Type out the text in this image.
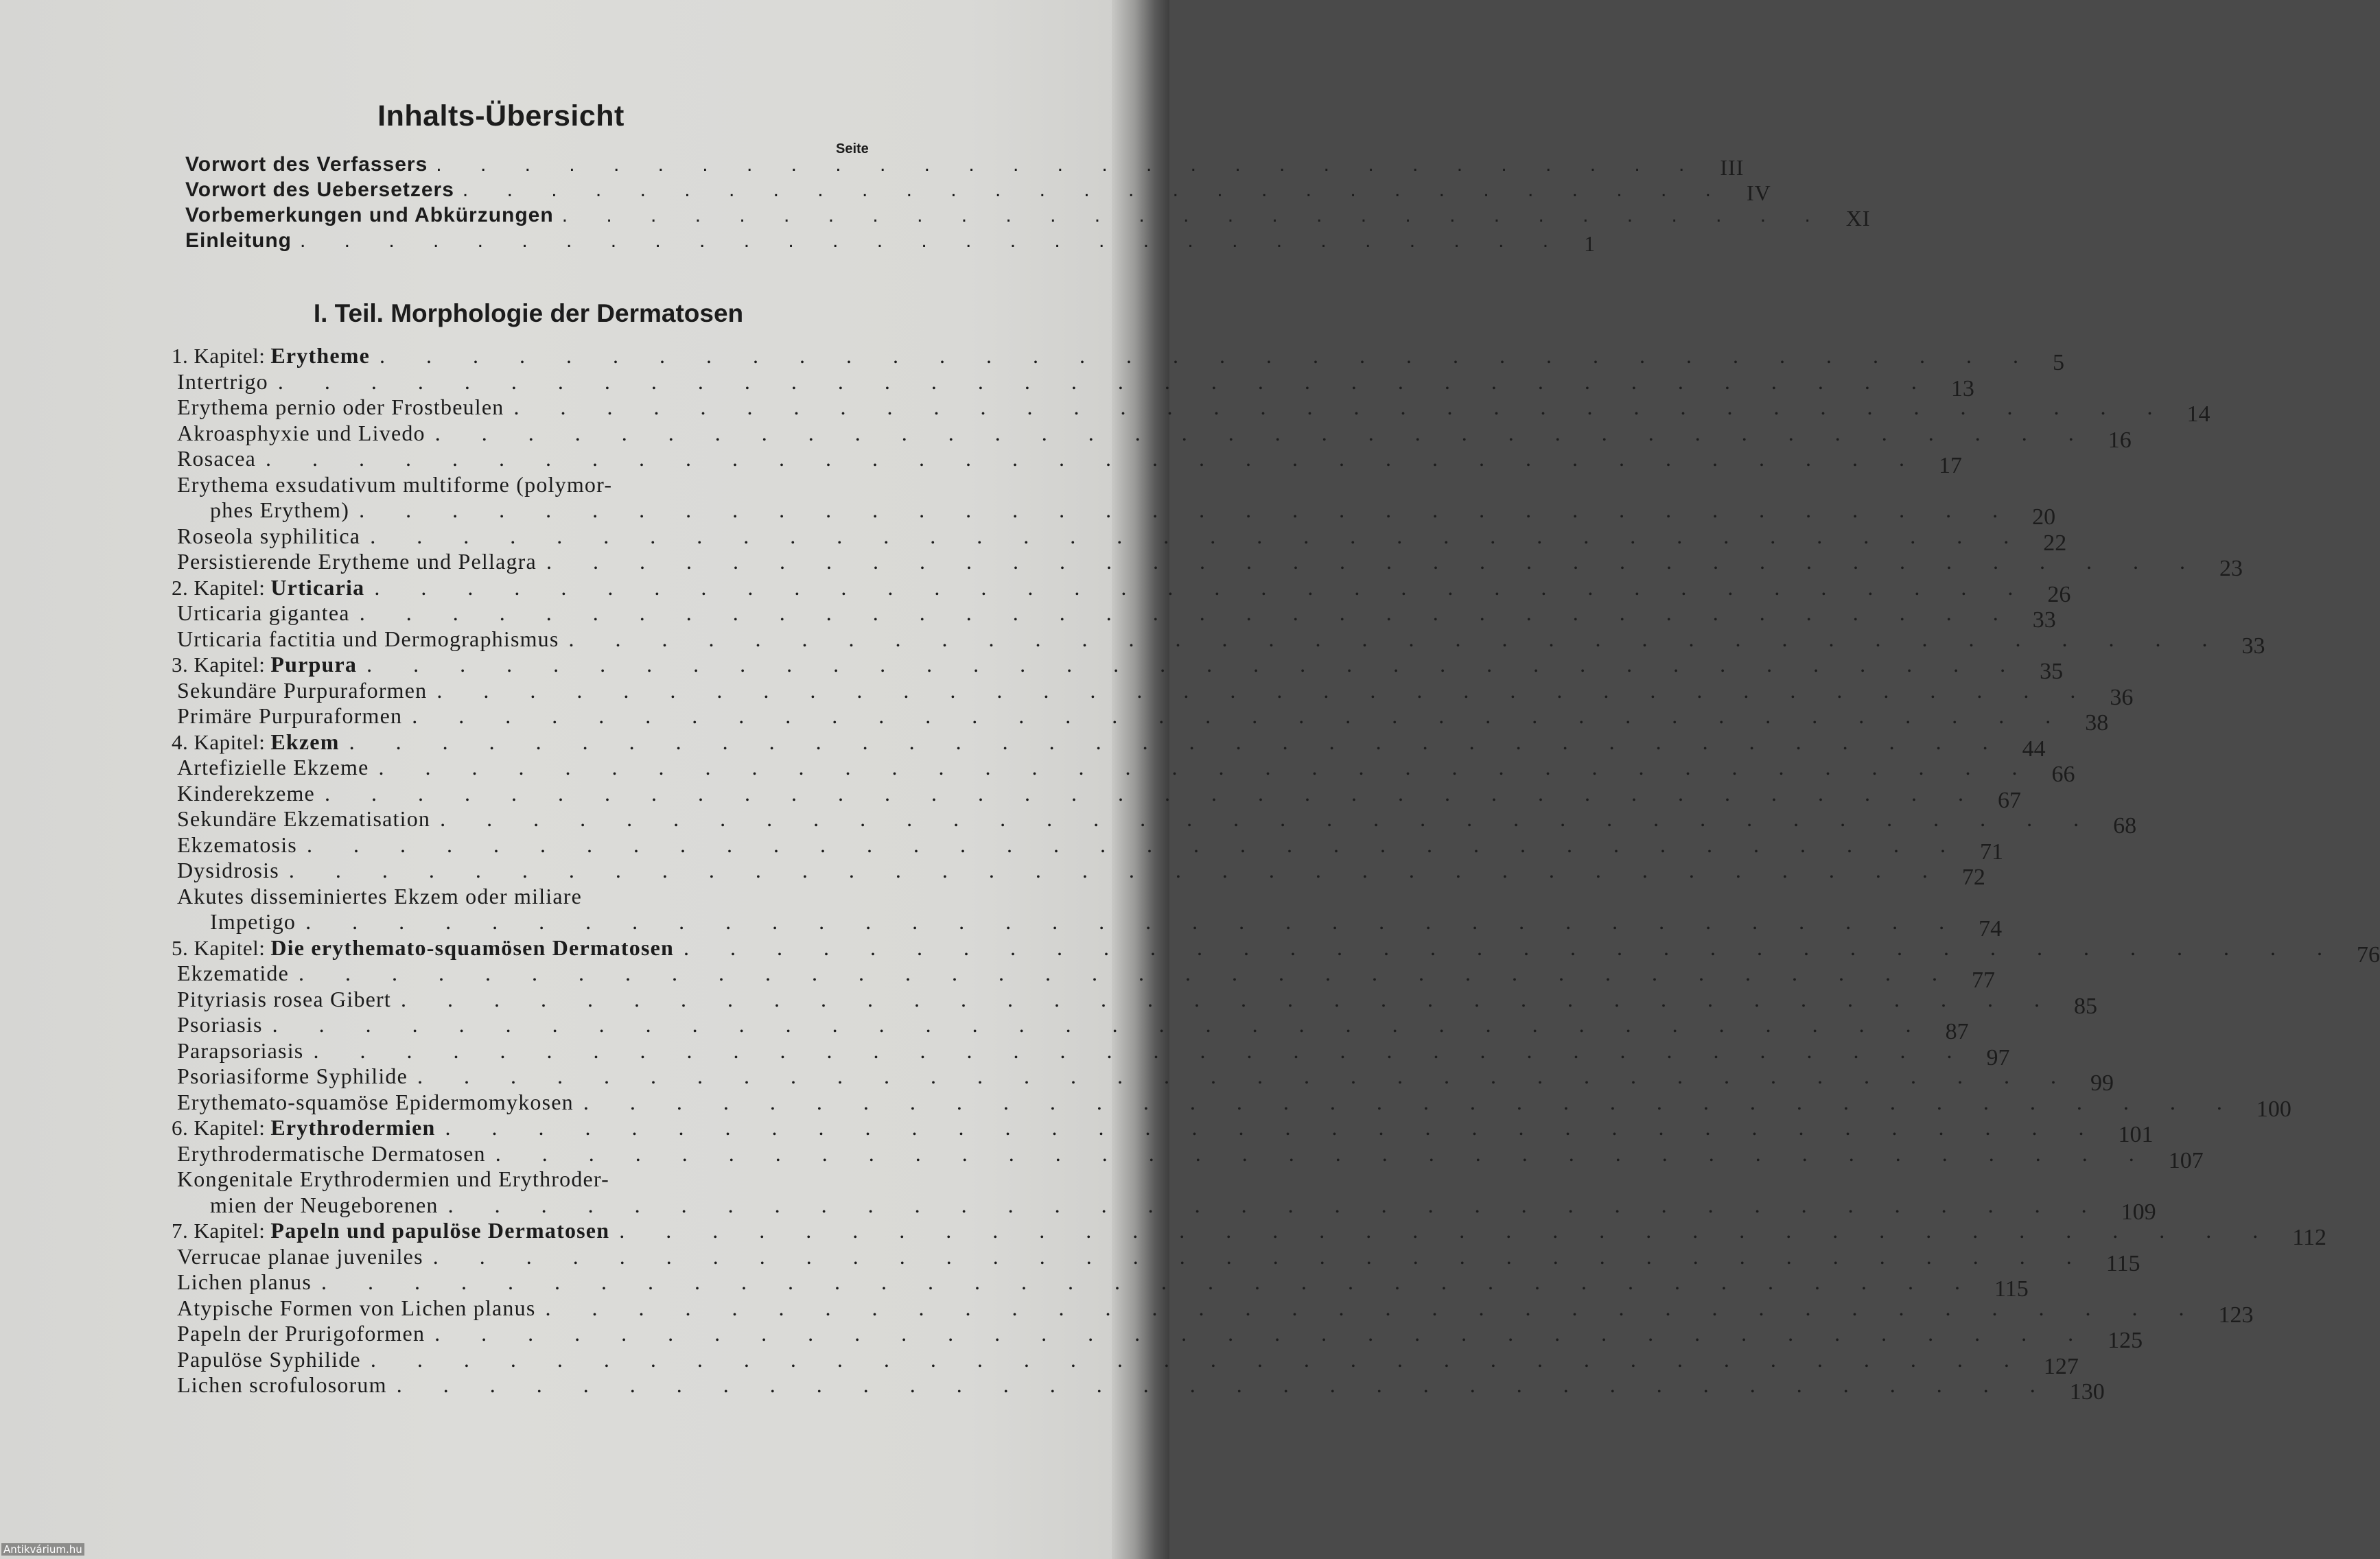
Inhalts-Übersicht
Seite
Vorwort des Verfassers . . . . . . . . . . . . . . . . . . . . . . . . . . . . . III
Vorwort des Uebersetzers . . . . . . . . . . . . . . . . . . . . . . . . . . . . . IV
Vorbemerkungen und Abkürzungen . . . . . . . . . . . . . . . . . . . . . . . . . . . . . XI
Einleitung . . . . . . . . . . . . . . . . . . . . . . . . . . . . . 1
I. Teil. Morphologie der Dermatosen
1. Kapitel: Erytheme . . . . . . . . . . . . . . . . . . . . . . . . . . . . . . . . . . . . 5
Intertrigo . . . . . . . . . . . . . . . . . . . . . . . . . . . . . . . . . . . . 13
Erythema pernio oder Frostbeulen . . . . . . . . . . . . . . . . . . . . . . . . . . . . . . . . . . . . 14
Akroasphyxie und Livedo . . . . . . . . . . . . . . . . . . . . . . . . . . . . . . . . . . . . 16
Rosacea . . . . . . . . . . . . . . . . . . . . . . . . . . . . . . . . . . . . 17
Erythema exsudativum multiforme (polymor-
phes Erythem) . . . . . . . . . . . . . . . . . . . . . . . . . . . . . . . . . . . . 20
Roseola syphilitica . . . . . . . . . . . . . . . . . . . . . . . . . . . . . . . . . . . . 22
Persistierende Erytheme und Pellagra . . . . . . . . . . . . . . . . . . . . . . . . . . . . . . . . . . . . 23
2. Kapitel: Urticaria . . . . . . . . . . . . . . . . . . . . . . . . . . . . . . . . . . . . 26
Urticaria gigantea . . . . . . . . . . . . . . . . . . . . . . . . . . . . . . . . . . . . 33
Urticaria factitia und Dermographismus . . . . . . . . . . . . . . . . . . . . . . . . . . . . . . . . . . . . 33
3. Kapitel: Purpura . . . . . . . . . . . . . . . . . . . . . . . . . . . . . . . . . . . . 35
Sekundäre Purpuraformen . . . . . . . . . . . . . . . . . . . . . . . . . . . . . . . . . . . . 36
Primäre Purpuraformen . . . . . . . . . . . . . . . . . . . . . . . . . . . . . . . . . . . . 38
4. Kapitel: Ekzem . . . . . . . . . . . . . . . . . . . . . . . . . . . . . . . . . . . . 44
Artefizielle Ekzeme . . . . . . . . . . . . . . . . . . . . . . . . . . . . . . . . . . . . 66
Kinderekzeme . . . . . . . . . . . . . . . . . . . . . . . . . . . . . . . . . . . . 67
Sekundäre Ekzematisation . . . . . . . . . . . . . . . . . . . . . . . . . . . . . . . . . . . . 68
Ekzematosis . . . . . . . . . . . . . . . . . . . . . . . . . . . . . . . . . . . . 71
Dysidrosis . . . . . . . . . . . . . . . . . . . . . . . . . . . . . . . . . . . . 72
Akutes disseminiertes Ekzem oder miliare
Impetigo . . . . . . . . . . . . . . . . . . . . . . . . . . . . . . . . . . . . 74
5. Kapitel: Die erythemato-squamösen Dermatosen . . . . . . . . . . . . . . . . . . . . . . . . . . . . . . . . . . . . 76
Ekzematide . . . . . . . . . . . . . . . . . . . . . . . . . . . . . . . . . . . . 77
Pityriasis rosea Gibert . . . . . . . . . . . . . . . . . . . . . . . . . . . . . . . . . . . . 85
Psoriasis . . . . . . . . . . . . . . . . . . . . . . . . . . . . . . . . . . . . 87
Parapsoriasis . . . . . . . . . . . . . . . . . . . . . . . . . . . . . . . . . . . . 97
Psoriasiforme Syphilide . . . . . . . . . . . . . . . . . . . . . . . . . . . . . . . . . . . . 99
Erythemato-squamöse Epidermomykosen . . . . . . . . . . . . . . . . . . . . . . . . . . . . . . . . . . . . 100
6. Kapitel: Erythrodermien . . . . . . . . . . . . . . . . . . . . . . . . . . . . . . . . . . . . 101
Erythrodermatische Dermatosen . . . . . . . . . . . . . . . . . . . . . . . . . . . . . . . . . . . . 107
Kongenitale Erythrodermien und Erythroder-
mien der Neugeborenen . . . . . . . . . . . . . . . . . . . . . . . . . . . . . . . . . . . . 109
7. Kapitel: Papeln und papulöse Dermatosen . . . . . . . . . . . . . . . . . . . . . . . . . . . . . . . . . . . . 112
Verrucae planae juveniles . . . . . . . . . . . . . . . . . . . . . . . . . . . . . . . . . . . . 115
Lichen planus . . . . . . . . . . . . . . . . . . . . . . . . . . . . . . . . . . . . 115
Atypische Formen von Lichen planus . . . . . . . . . . . . . . . . . . . . . . . . . . . . . . . . . . . . 123
Papeln der Prurigoformen . . . . . . . . . . . . . . . . . . . . . . . . . . . . . . . . . . . . 125
Papulöse Syphilide . . . . . . . . . . . . . . . . . . . . . . . . . . . . . . . . . . . . 127
Lichen scrofulosorum . . . . . . . . . . . . . . . . . . . . . . . . . . . . . . . . . . . . 130
Antikvárium.hu
